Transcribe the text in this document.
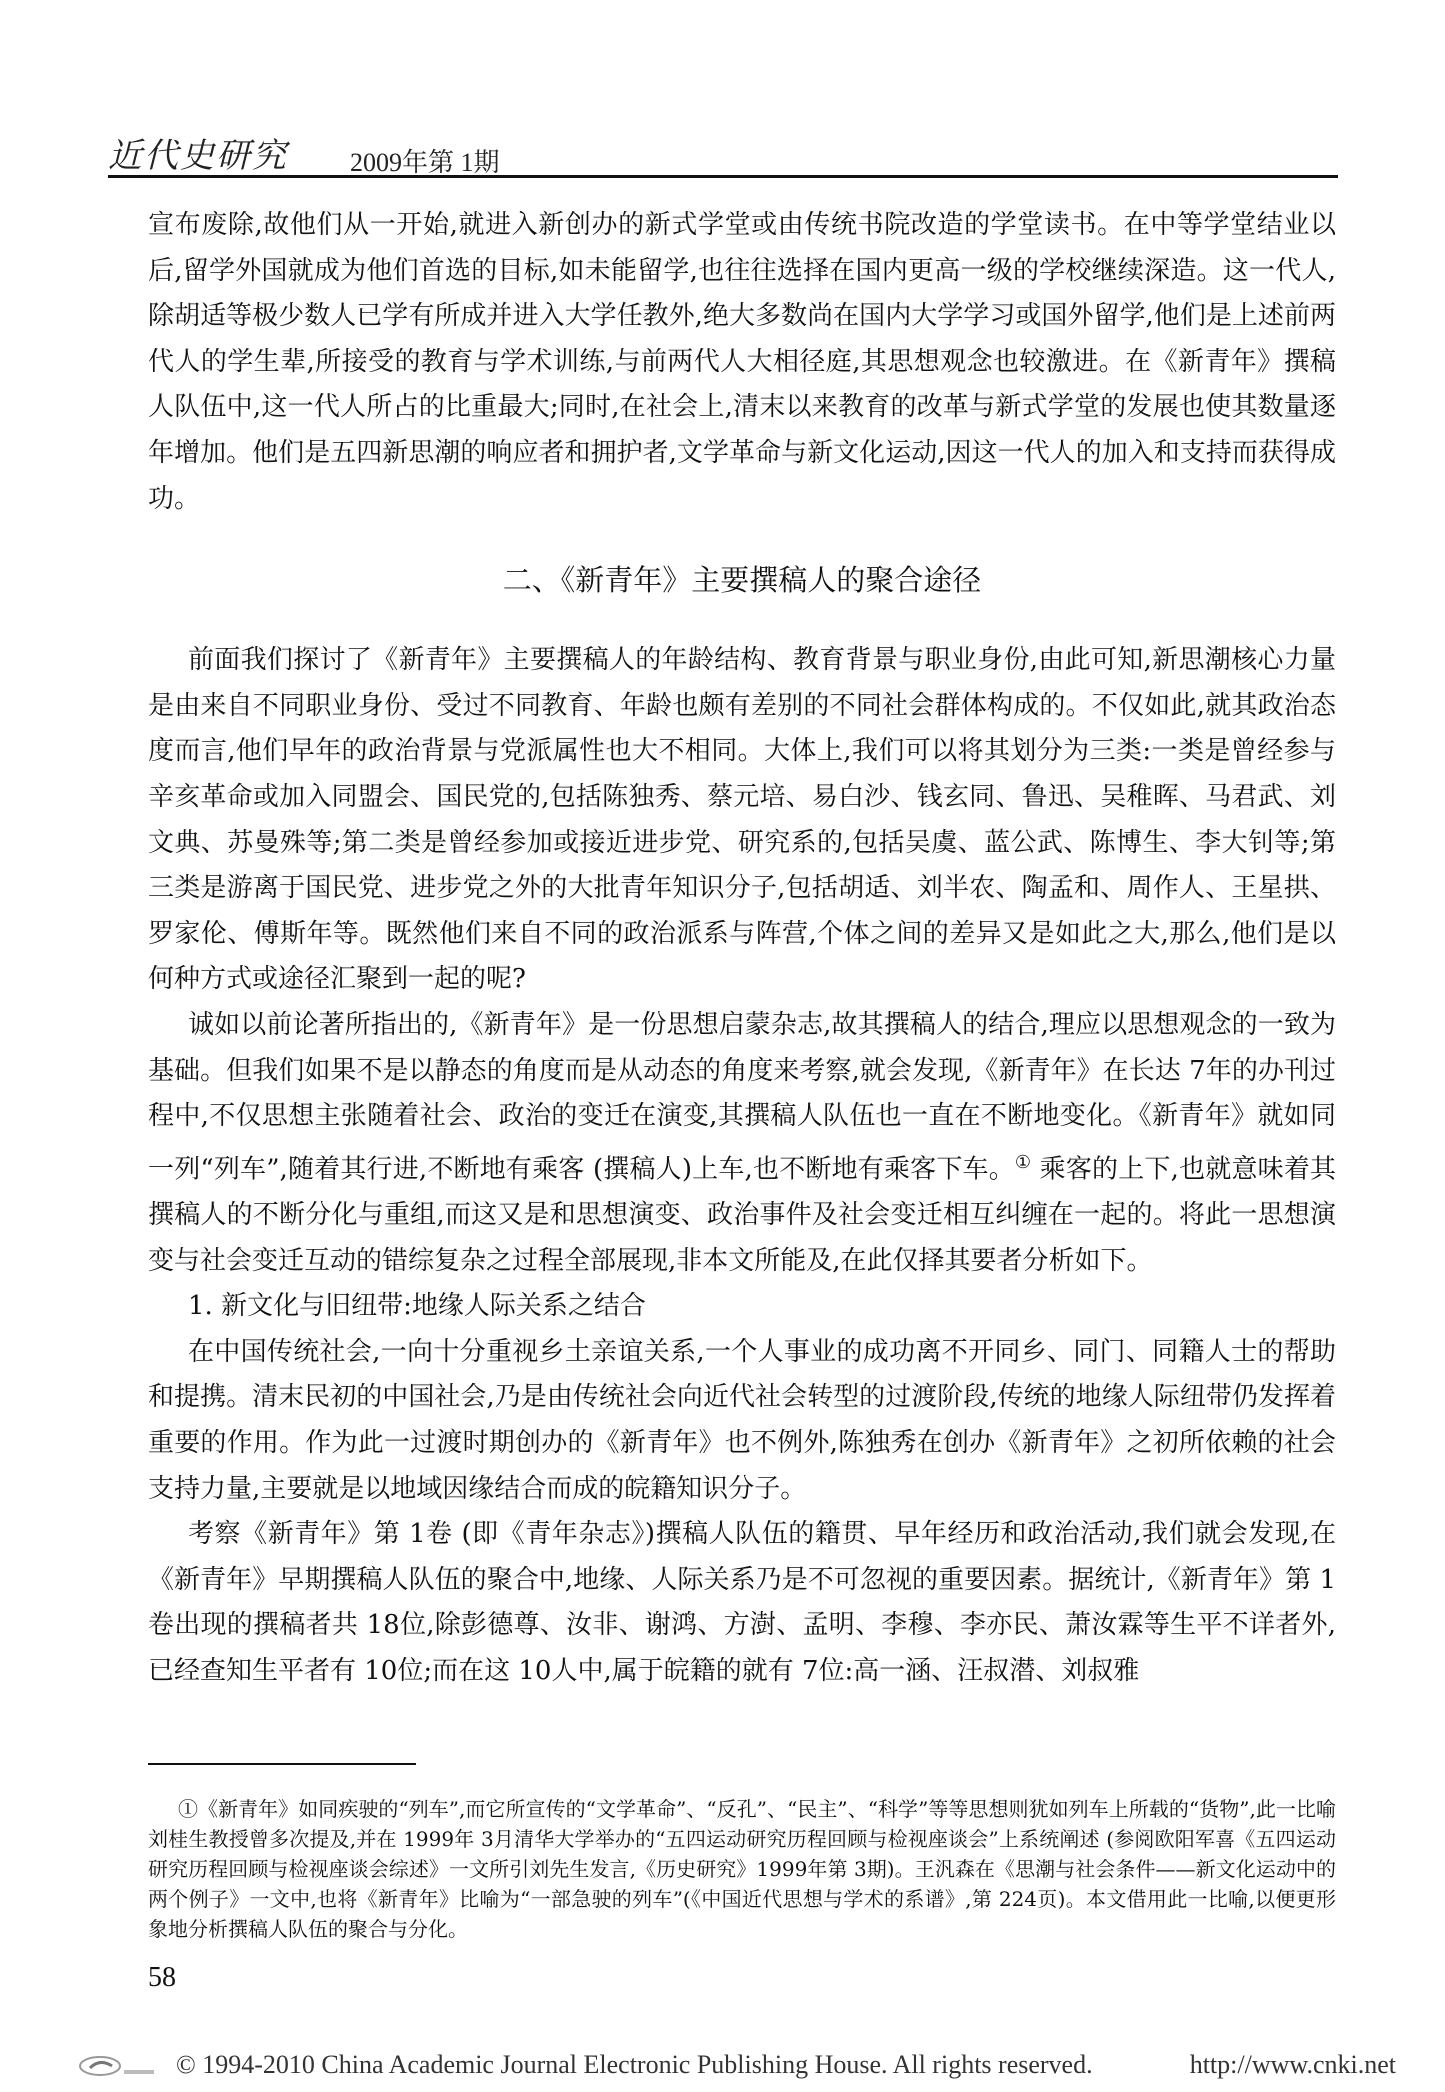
近代史研究 2009年第 1期

宣布废除,故他们从一开始,就进入新创办的新式学堂或由传统书院改造的学堂读书。在中等学堂结业以后,留学外国就成为他们首选的目标,如未能留学,也往往选择在国内更高一级的学校继续深造。这一代人,除胡适等极少数人已学有所成并进入大学任教外,绝大多数尚在国内大学学习或国外留学,他们是上述前两代人的学生辈,所接受的教育与学术训练,与前两代人大相径庭,其思想观念也较激进。在《新青年》撰稿人队伍中,这一代人所占的比重最大;同时,在社会上,清末以来教育的改革与新式学堂的发展也使其数量逐年增加。他们是五四新思潮的响应者和拥护者,文学革命与新文化运动,因这一代人的加入和支持而获得成功。

二、《新青年》主要撰稿人的聚合途径

前面我们探讨了《新青年》主要撰稿人的年龄结构、教育背景与职业身份,由此可知,新思潮核心力量是由来自不同职业身份、受过不同教育、年龄也颇有差别的不同社会群体构成的。不仅如此,就其政治态度而言,他们早年的政治背景与党派属性也大不相同。大体上,我们可以将其划分为三类:一类是曾经参与辛亥革命或加入同盟会、国民党的,包括陈独秀、蔡元培、易白沙、钱玄同、鲁迅、吴稚晖、马君武、刘文典、苏曼殊等;第二类是曾经参加或接近进步党、研究系的,包括吴虞、蓝公武、陈博生、李大钊等;第三类是游离于国民党、进步党之外的大批青年知识分子,包括胡适、刘半农、陶孟和、周作人、王星拱、罗家伦、傅斯年等。既然他们来自不同的政治派系与阵营,个体之间的差异又是如此之大,那么,他们是以何种方式或途径汇聚到一起的呢?

诚如以前论著所指出的,《新青年》是一份思想启蒙杂志,故其撰稿人的结合,理应以思想观念的一致为基础。但我们如果不是以静态的角度而是从动态的角度来考察,就会发现,《新青年》在长达 7年的办刊过程中,不仅思想主张随着社会、政治的变迁在演变,其撰稿人队伍也一直在不断地变化。《新青年》就如同一列“列车”,随着其行进,不断地有乘客 (撰稿人)上车,也不断地有乘客下车。① 乘客的上下,也就意味着其撰稿人的不断分化与重组,而这又是和思想演变、政治事件及社会变迁相互纠缠在一起的。将此一思想演变与社会变迁互动的错综复杂之过程全部展现,非本文所能及,在此仅择其要者分析如下。

1. 新文化与旧纽带:地缘人际关系之结合

在中国传统社会,一向十分重视乡土亲谊关系,一个人事业的成功离不开同乡、同门、同籍人士的帮助和提携。清末民初的中国社会,乃是由传统社会向近代社会转型的过渡阶段,传统的地缘人际纽带仍发挥着重要的作用。作为此一过渡时期创办的《新青年》也不例外,陈独秀在创办《新青年》之初所依赖的社会支持力量,主要就是以地域因缘结合而成的皖籍知识分子。

考察《新青年》第 1卷 (即《青年杂志》)撰稿人队伍的籍贯、早年经历和政治活动,我们就会发现,在《新青年》早期撰稿人队伍的聚合中,地缘、人际关系乃是不可忽视的重要因素。据统计,《新青年》第 1卷出现的撰稿者共 18位,除彭德尊、汝非、谢鸿、方澍、孟明、李穆、李亦民、萧汝霖等生平不详者外,已经查知生平者有 10位;而在这 10人中,属于皖籍的就有 7位:高一涵、汪叔潜、刘叔雅

①《新青年》如同疾驶的“列车”,而它所宣传的“文学革命”、“反孔”、“民主”、“科学”等等思想则犹如列车上所载的“货物”,此一比喻刘桂生教授曾多次提及,并在 1999年 3月清华大学举办的“五四运动研究历程回顾与检视座谈会”上系统阐述 (参阅欧阳军喜《五四运动研究历程回顾与检视座谈会综述》一文所引刘先生发言,《历史研究》1999年第 3期)。王汎森在《思潮与社会条件——新文化运动中的两个例子》一文中,也将《新青年》比喻为“一部急驶的列车”(《中国近代思想与学术的系谱》,第 224页)。本文借用此一比喻,以便更形象地分析撰稿人队伍的聚合与分化。

58
© 1994-2010 China Academic Journal Electronic Publishing House. All rights reserved.	http://www.cnki.net
